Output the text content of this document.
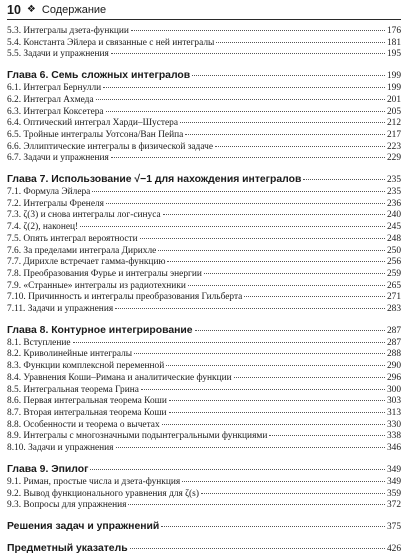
10 ❖ Содержание
5.3. Интегралы дзета-функции	176
5.4. Константа Эйлера и связанные с ней интегралы	181
5.5. Задачи и упражнения	195
Глава 6. Семь сложных интегралов	199
6.1. Интеграл Бернулли	199
6.2. Интеграл Ахмеда	201
6.3. Интеграл Коксетера	205
6.4. Оптический интеграл Харди–Шустера	212
6.5. Тройные интегралы Уотсона/Ван Пейпа	217
6.6. Эллиптические интегралы в физической задаче	223
6.7. Задачи и упражнения	229
Глава 7. Использование √−1 для нахождения интегралов	235
7.1. Формула Эйлера	235
7.2. Интегралы Френеля	236
7.3. ζ(3) и снова интегралы лог-синуса	240
7.4. ζ(2), наконец!	245
7.5. Опять интеграл вероятности	248
7.6. За пределами интеграла Дирихле	250
7.7. Дирихле встречает гамма-функцию	256
7.8. Преобразования Фурье и интегралы энергии	259
7.9. «Странные» интегралы из радиотехники	265
7.10. Причинность и интегралы преобразования Гильберта	271
7.11. Задачи и упражнения	283
Глава 8. Контурное интегрирование	287
8.1. Вступление	287
8.2. Криволинейные интегралы	288
8.3. Функции комплексной переменной	290
8.4. Уравнения Коши–Римана и аналитические функции	296
8.5. Интегральная теорема Грина	300
8.6. Первая интегральная теорема Коши	303
8.7. Вторая интегральная теорема Коши	313
8.8. Особенности и теорема о вычетах	330
8.9. Интегралы с многозначными подынтегральными функциями	338
8.10. Задачи и упражнения	346
Глава 9. Эпилог	349
9.1. Риман, простые числа и дзета-функция	349
9.2. Вывод функционального уравнения для ζ(s)	359
9.3. Вопросы для упражнения	372
Решения задач и упражнений	375
Предметный указатель	426
